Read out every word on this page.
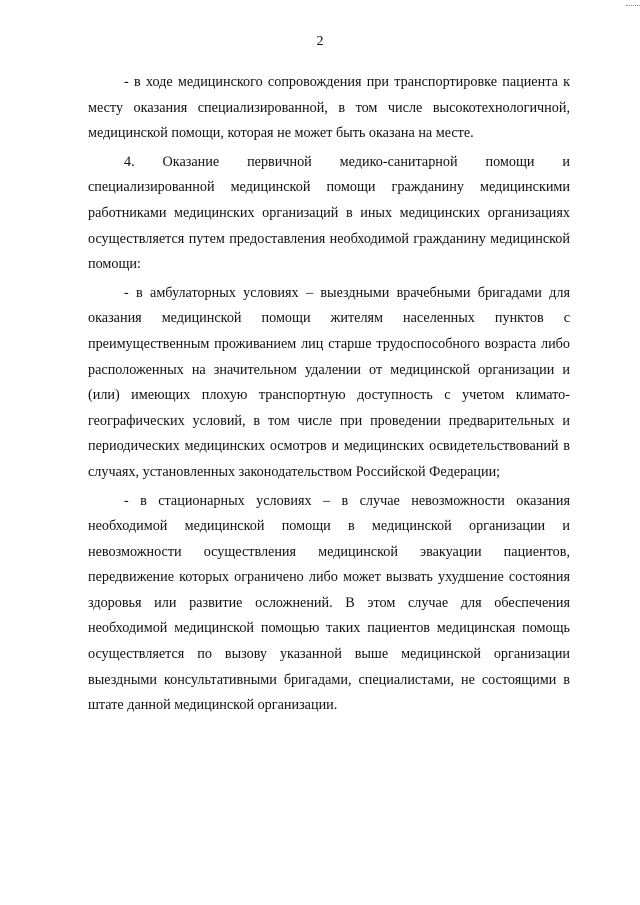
2

- в ходе медицинского сопровождения при транспортировке пациента к месту оказания специализированной, в том числе высокотехнологичной, медицинской помощи, которая не может быть оказана на месте.

4. Оказание первичной медико-санитарной помощи и специализированной медицинской помощи гражданину медицинскими работниками медицинских организаций в иных медицинских организациях осуществляется путем предоставления необходимой гражданину медицинской помощи:

- в амбулаторных условиях – выездными врачебными бригадами для оказания медицинской помощи жителям населенных пунктов с преимущественным проживанием лиц старше трудоспособного возраста либо расположенных на значительном удалении от медицинской организации и (или) имеющих плохую транспортную доступность с учетом климато-географических условий, в том числе при проведении предварительных и периодических медицинских осмотров и медицинских освидетельствований в случаях, установленных законодательством Российской Федерации;

- в стационарных условиях – в случае невозможности оказания необходимой медицинской помощи в медицинской организации и невозможности осуществления медицинской эвакуации пациентов, передвижение которых ограничено либо может вызвать ухудшение состояния здоровья или развитие осложнений. В этом случае для обеспечения необходимой медицинской помощью таких пациентов медицинская помощь осуществляется по вызову указанной выше медицинской организации выездными консультативными бригадами, специалистами, не состоящими в штате данной медицинской организации.
